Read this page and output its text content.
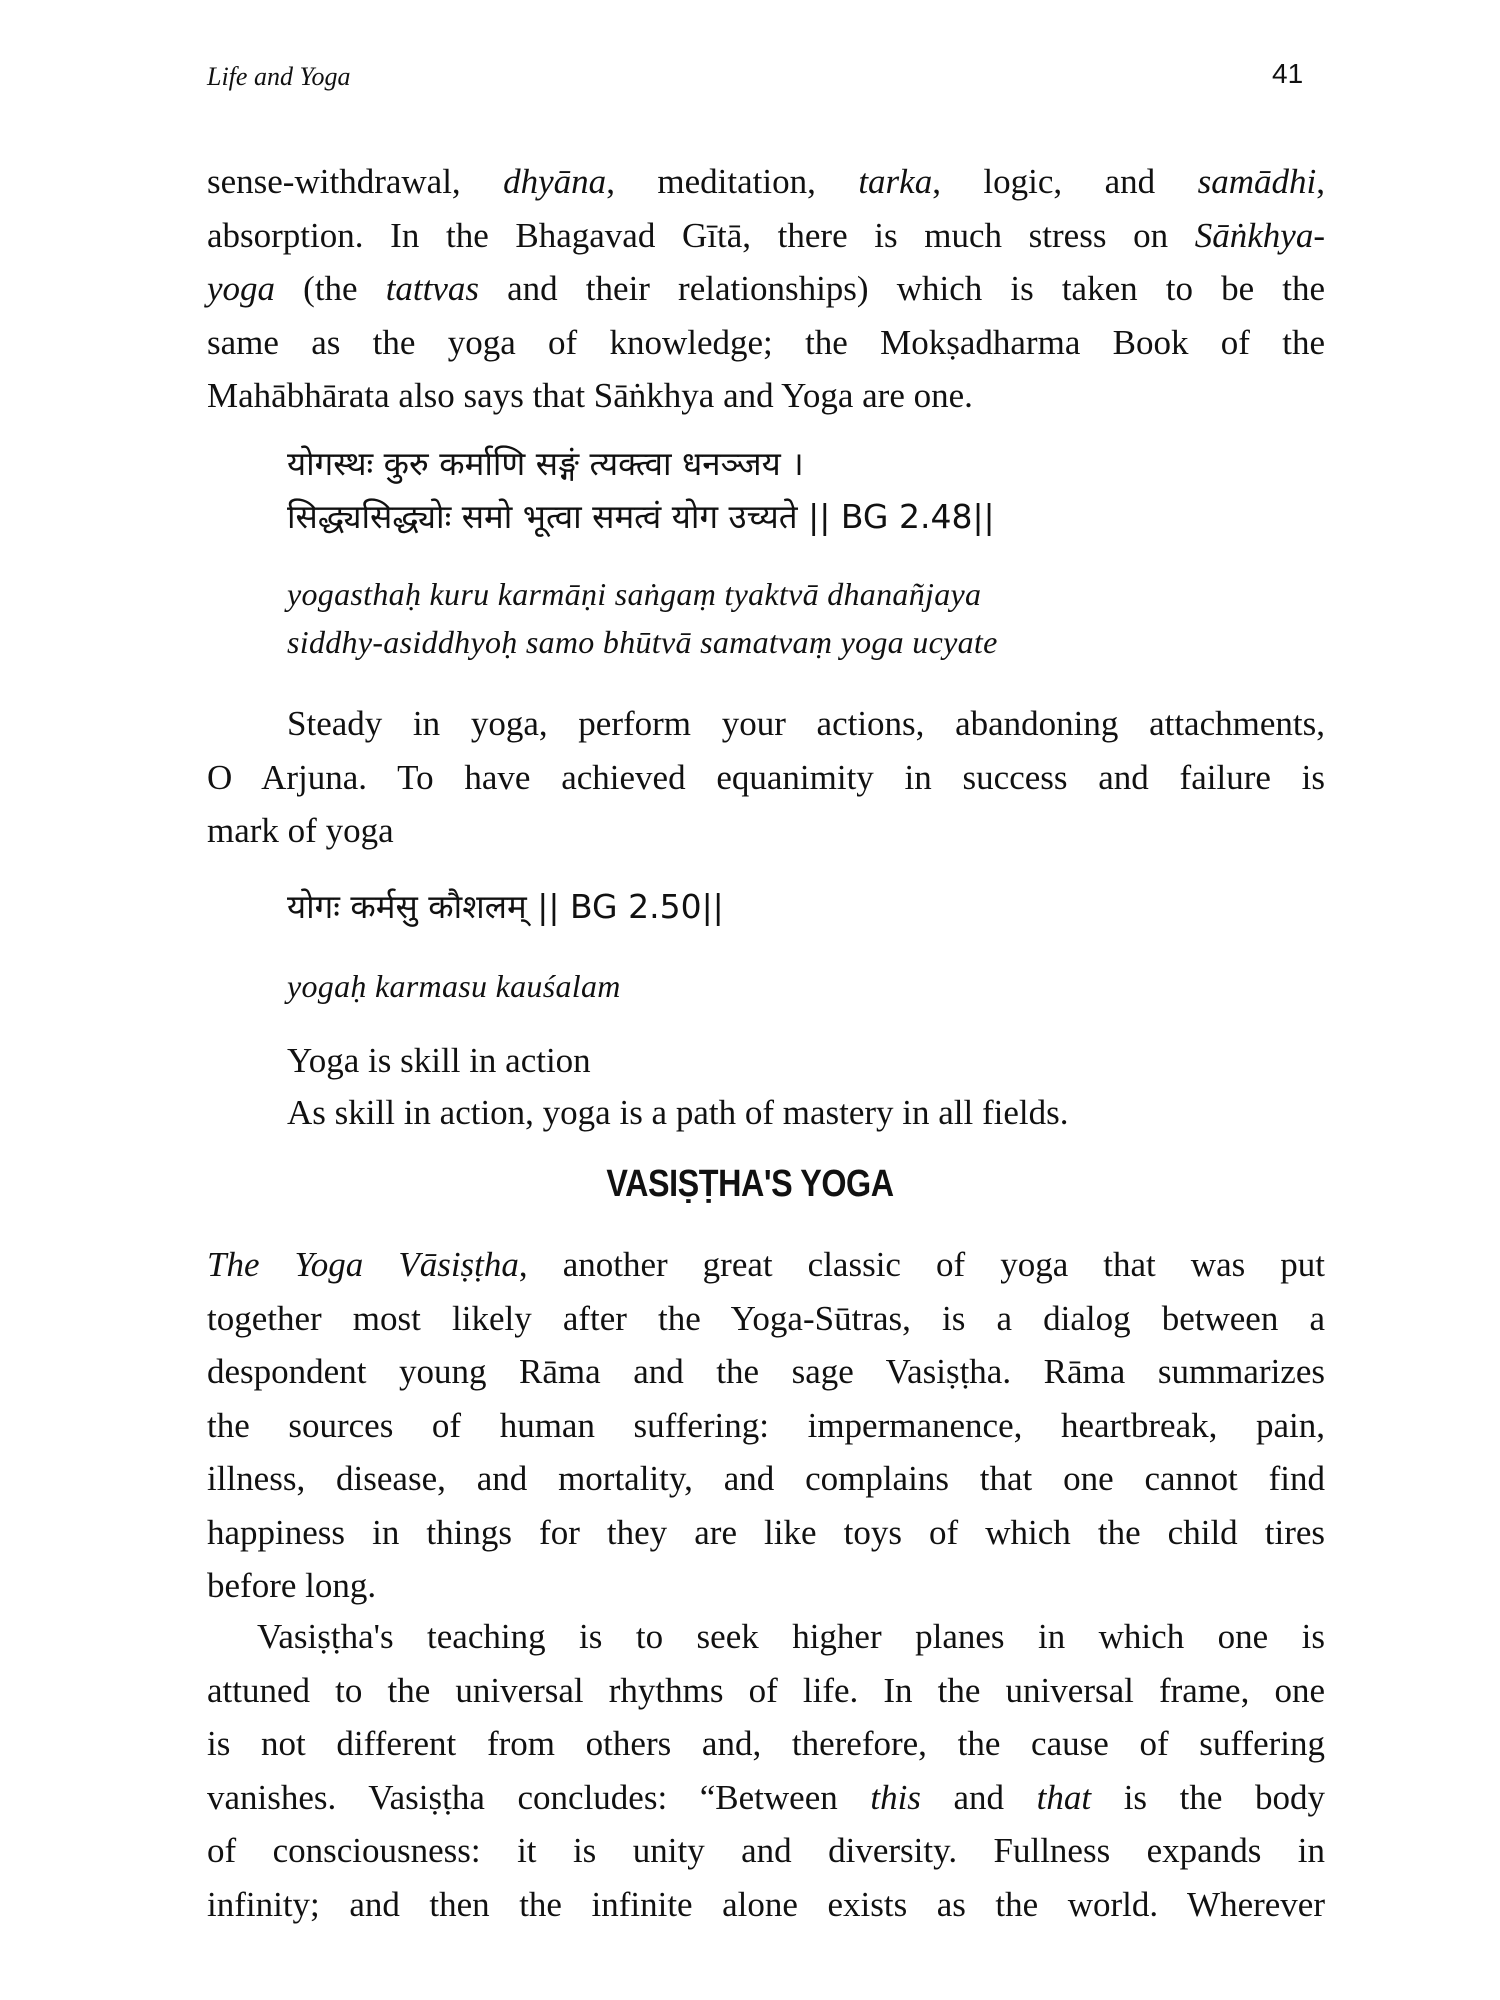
Life and Yoga	41
sense-withdrawal, dhyāna, meditation, tarka, logic, and samādhi,
absorption. In the Bhagavad Gītā, there is much stress on Sāṅkhya-
yoga (the tattvas and their relationships) which is taken to be the
same as the yoga of knowledge; the Mokṣadharma Book of the
Mahābhārata also says that Sāṅkhya and Yoga are one.
योगस्थः कुरु कर्माणि सङ्गं त्यक्त्वा धनञ्जय ।
सिद्ध्यसिद्ध्योः समो भूत्वा समत्वं योग उच्यते || BG 2.48||
yogasthaḥ kuru karmāṇi saṅgaṃ tyaktvā dhanañjaya
siddhy-asiddhyoḥ samo bhūtvā samatvaṃ yoga ucyate
Steady in yoga, perform your actions, abandoning attachments,
O Arjuna. To have achieved equanimity in success and failure is
mark of yoga
योगः कर्मसु कौशलम् || BG 2.50||
yogaḥ karmasu kauśalam
Yoga is skill in action
As skill in action, yoga is a path of mastery in all fields.
VASIṢṬHA'S YOGA
The Yoga Vāsiṣṭha, another great classic of yoga that was put
together most likely after the Yoga-Sūtras, is a dialog between a
despondent young Rāma and the sage Vasiṣṭha. Rāma summarizes
the sources of human suffering: impermanence, heartbreak, pain,
illness, disease, and mortality, and complains that one cannot find
happiness in things for they are like toys of which the child tires
before long.
Vasiṣṭha's teaching is to seek higher planes in which one is
attuned to the universal rhythms of life. In the universal frame, one
is not different from others and, therefore, the cause of suffering
vanishes. Vasiṣṭha concludes: “Between this and that is the body
of consciousness: it is unity and diversity. Fullness expands in
infinity; and then the infinite alone exists as the world. Wherever
